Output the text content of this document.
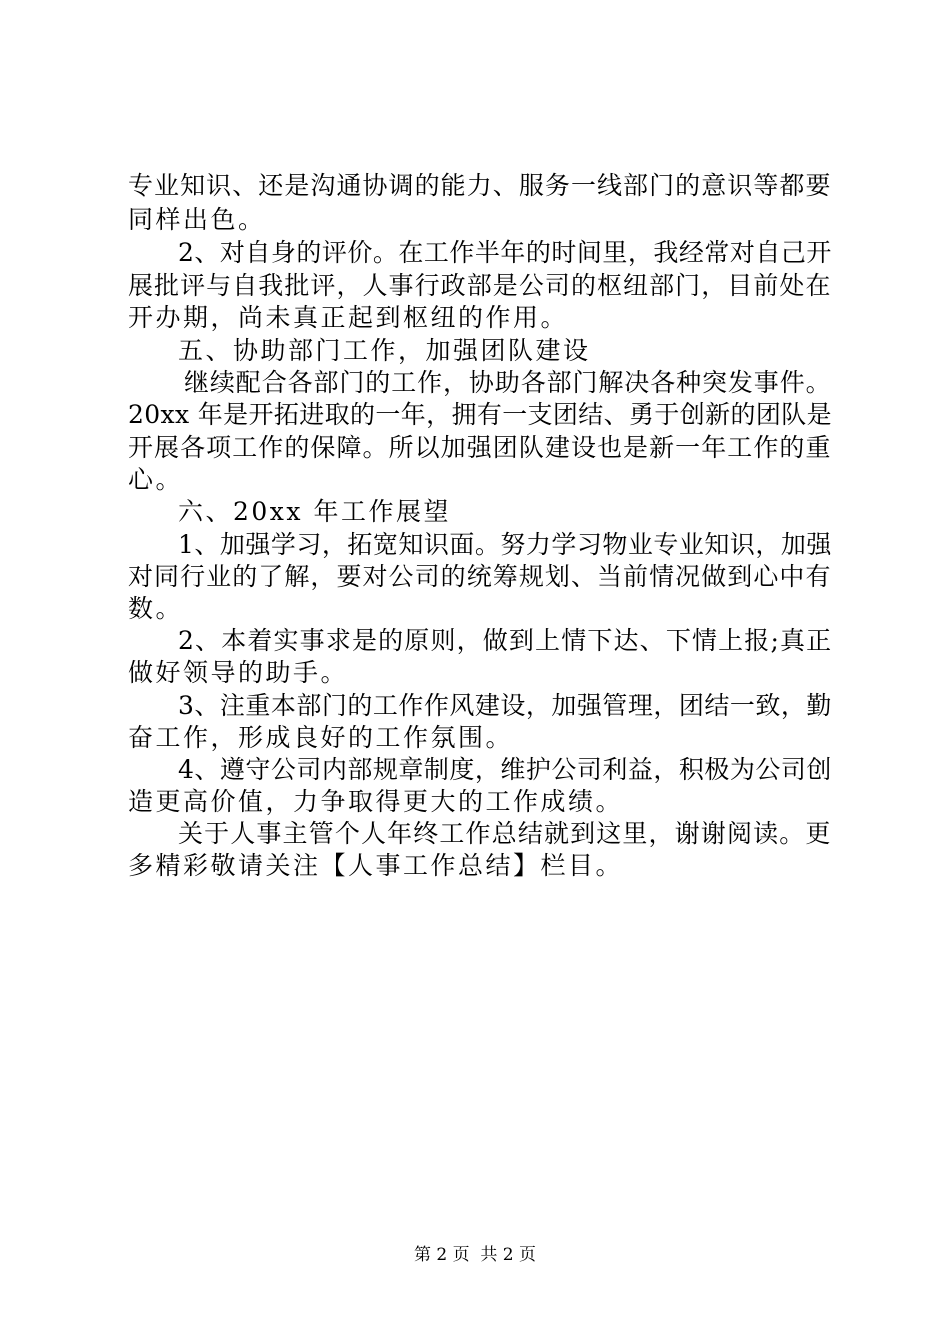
专业知识、还是沟通协调的能力、服务一线部门的意识等都要
同样出色。
2、对自身的评价。在工作半年的时间里，我经常对自己开
展批评与自我批评，人事行政部是公司的枢纽部门，目前处在
开办期，尚未真正起到枢纽的作用。
五、协助部门工作，加强团队建设
继续配合各部门的工作，协助各部门解决各种突发事件。
20xx 年是开拓进取的一年，拥有一支团结、勇于创新的团队是
开展各项工作的保障。所以加强团队建设也是新一年工作的重
心。
六、20xx 年工作展望
1、加强学习，拓宽知识面。努力学习物业专业知识，加强
对同行业的了解，要对公司的统筹规划、当前情况做到心中有
数。
2、本着实事求是的原则，做到上情下达、下情上报;真正
做好领导的助手。
3、注重本部门的工作作风建设，加强管理，团结一致，勤
奋工作，形成良好的工作氛围。
4、遵守公司内部规章制度，维护公司利益，积极为公司创
造更高价值，力争取得更大的工作成绩。
关于人事主管个人年终工作总结就到这里，谢谢阅读。更
多精彩敬请关注【人事工作总结】栏目。
第 2 页  共 2 页
